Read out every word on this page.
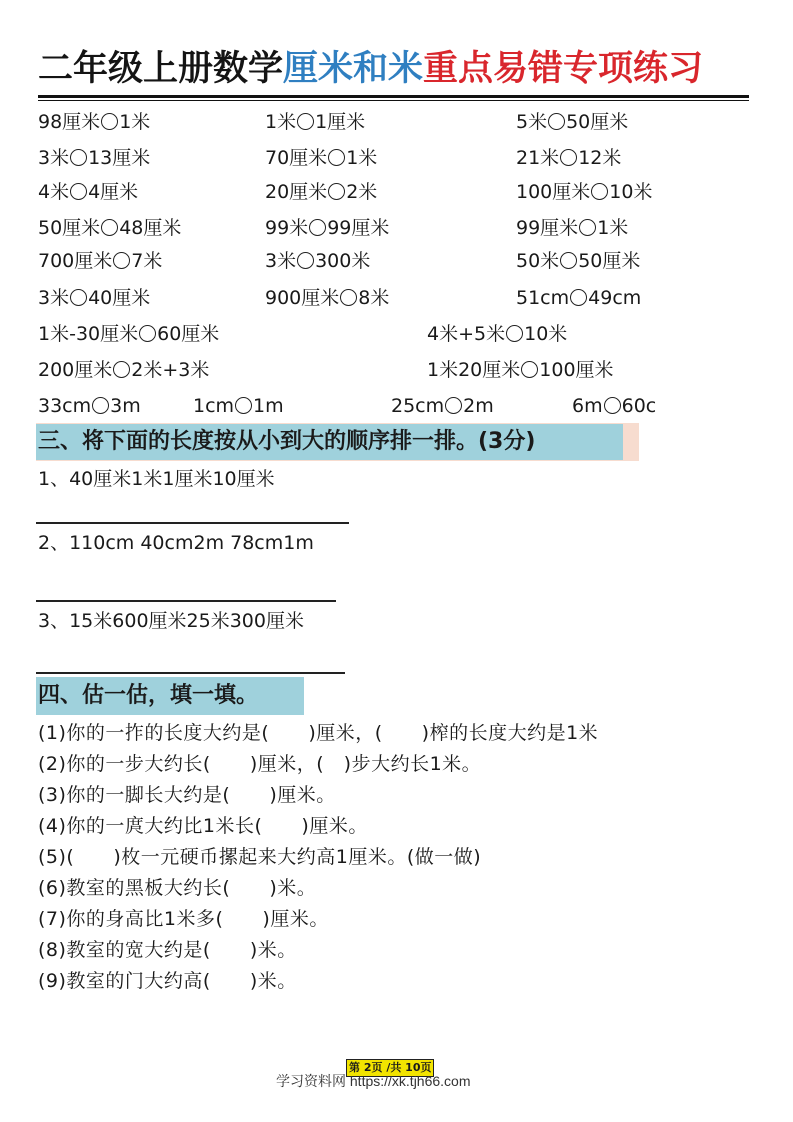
二年级上册数学厘米和米重点易错专项练习
98厘米 1米	1米 1厘米	5米 50厘米
3米 13厘米	70厘米 1米	21米 12米
4米 4厘米	20厘米 2米	100厘米 10米
50厘米 48厘米	99米 99厘米	99厘米 1米
700厘米 7米	3米 300米	50米 50厘米
3米 40厘米	900厘米 8米	51cm 49cm
1米-30厘米 60厘米	4米+5米 10米
200厘米 2米+3米	1米20厘米 100厘米
33cm 3m	1cm 1m	25cm 2m	6m 60c
三、将下面的长度按从小到大的顺序排一排。(3分)
1、40厘米1米1厘米10厘米
2、110cm 40cm2m 78cm1m
3、15米600厘米25米300厘米
四、估一估，填一填。
(1)你的一拃的长度大约是(　　)厘米，(　　)榨的长度大约是1米
(2)你的一步大约长(　　)厘米，(　)步大约长1米。
(3)你的一脚长大约是(　　)厘米。
(4)你的一庹大约比1米长(　　)厘米。
(5)(　　)枚一元硬币摞起来大约高1厘米。(做一做)
(6)教室的黑板大约长(　　)米。
(7)你的身高比1米多(　　)厘米。
(8)教室的宽大约是(　　)米。
(9)教室的门大约高(　　)米。
第 2页 /共 10页
学习资料网 https://xk.tjh66.com
